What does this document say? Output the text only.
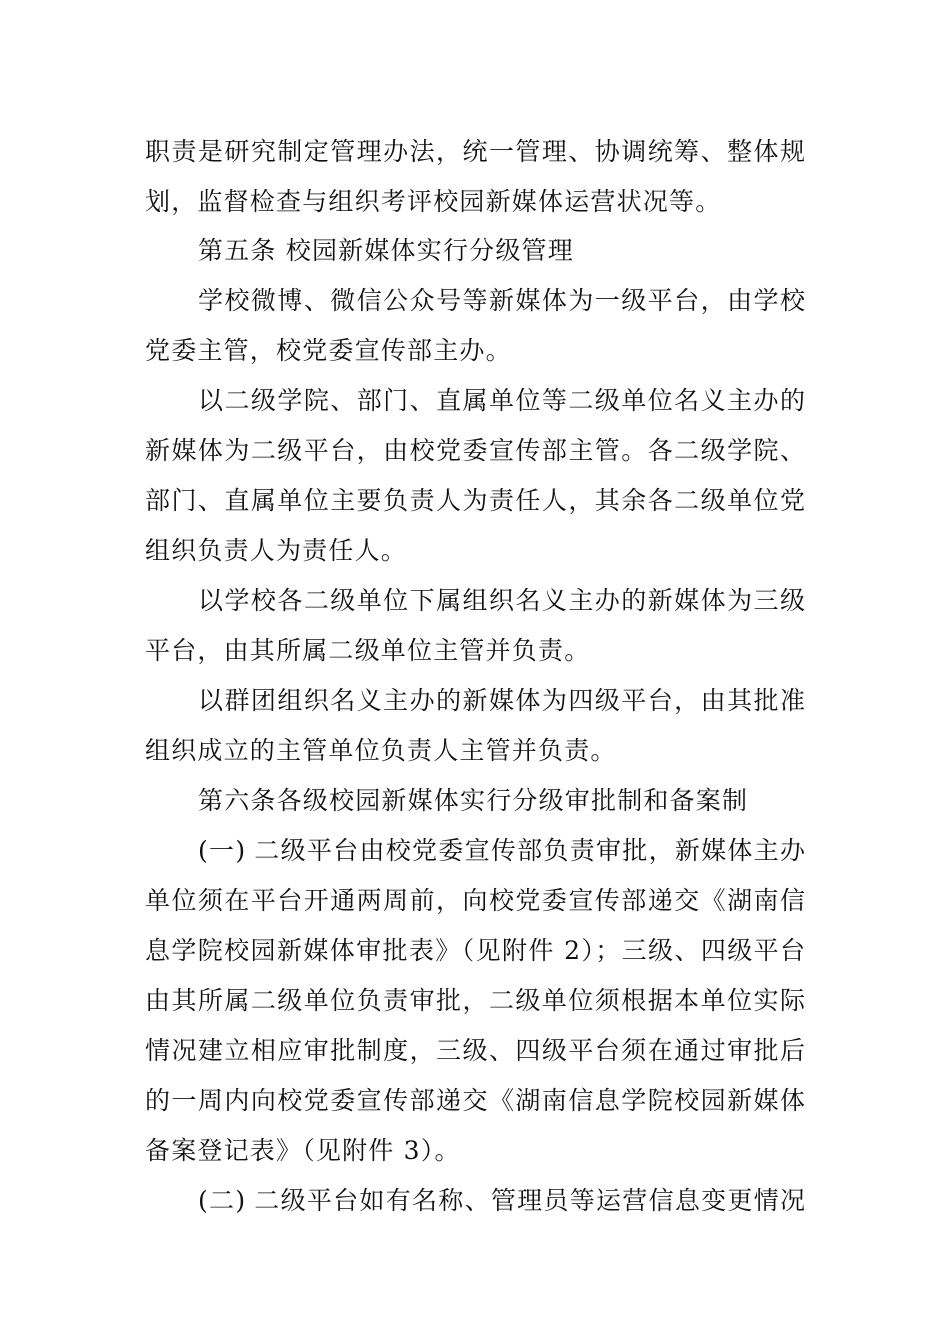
职责是研究制定管理办法，统一管理、协调统筹、整体规
划，监督检查与组织考评校园新媒体运营状况等。
第五条 校园新媒体实行分级管理
学校微博、微信公众号等新媒体为一级平台，由学校
党委主管，校党委宣传部主办。
以二级学院、部门、直属单位等二级单位名义主办的
新媒体为二级平台，由校党委宣传部主管。各二级学院、
部门、直属单位主要负责人为责任人，其余各二级单位党
组织负责人为责任人。
以学校各二级单位下属组织名义主办的新媒体为三级
平台，由其所属二级单位主管并负责。
以群团组织名义主办的新媒体为四级平台，由其批准
组织成立的主管单位负责人主管并负责。
第六条各级校园新媒体实行分级审批制和备案制
(一) 二级平台由校党委宣传部负责审批，新媒体主办
单位须在平台开通两周前，向校党委宣传部递交《湖南信
息学院校园新媒体审批表》（见附件 2）；三级、四级平台
由其所属二级单位负责审批，二级单位须根据本单位实际
情况建立相应审批制度，三级、四级平台须在通过审批后
的一周内向校党委宣传部递交《湖南信息学院校园新媒体
备案登记表》（见附件 3）。
(二) 二级平台如有名称、管理员等运营信息变更情况
